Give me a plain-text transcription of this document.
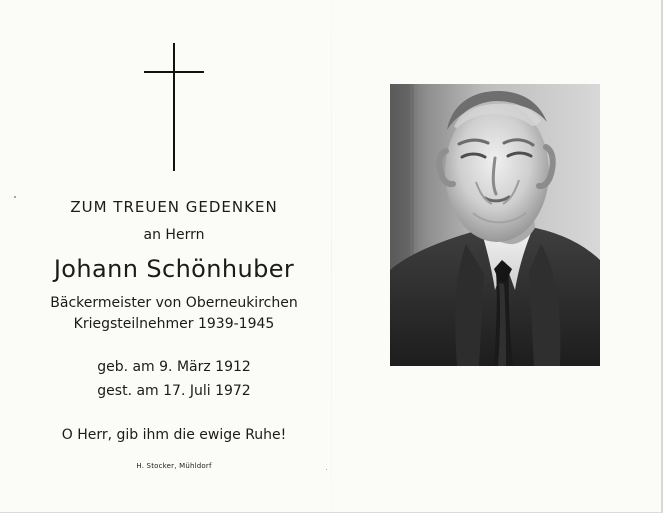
ZUM TREUEN GEDENKEN
an Herrn
Johann Schönhuber
Bäckermeister von Oberneukirchen
Kriegsteilnehmer 1939-1945
geb. am 9. März 1912
gest. am 17. Juli 1972
O Herr, gib ihm die ewige Ruhe!
H. Stocker, Mühldorf
